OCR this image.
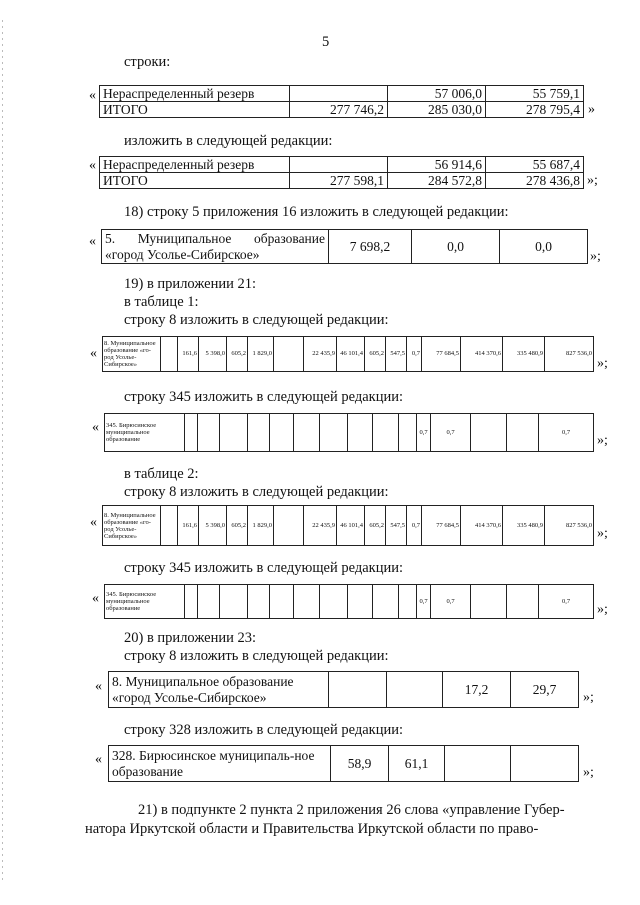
5
строки:
« Нераспределенный резерв		57 006,0	55 759,1
ИТОГО	277 746,2	285 030,0	278 795,4 »
изложить в следующей редакции:
« Нераспределенный резерв		56 914,6	55 687,4
ИТОГО	277 598,1	284 572,8	278 436,8 »;
18) строку 5 приложения 16 изложить в следующей редакции:
« 5. Муниципальное образование «город Усолье-Сибирское»	7 698,2	0,0	0,0
»;
19) в приложении 21:
в таблице 1:
строку 8 изложить в следующей редакции:
«
8. Муниципальное образование «го-род Усолье-Сибирское»		161,6	5 398,0	605,2	1 829,0		22 435,9	46 101,4	605,2	547,5	0,7	77 684,5	414 370,6	335 480,9	827 536,0
»;
строку 345 изложить в следующей редакции:
« 345. Бирюсинское муниципальное образование											0,7	0,7			0,7
»;
в таблице 2:
строку 8 изложить в следующей редакции:
« 8. Муниципальное образование «го-род Усолье-Сибирское»		161,6	5 398,0	605,2	1 829,0		22 435,9	46 101,4	605,2	547,5	0,7	77 684,5	414 370,6	335 480,9	827 536,0
»;
строку 345 изложить в следующей редакции:
« 345. Бирюсинское муниципальное образование											0,7	0,7			0,7
»;
20) в приложении 23:
строку 8 изложить в следующей редакции:
« 8. Муниципальное образование «город Усолье-Сибирское»			17,2	29,7
»;
строку 328 изложить в следующей редакции:
« 328. Бирюсинское муниципаль-ное образование	58,9	61,1		
»;
21) в подпункте 2 пункта 2 приложения 26 слова «управление Губер-
натора Иркутской области и Правительства Иркутской области по право-
